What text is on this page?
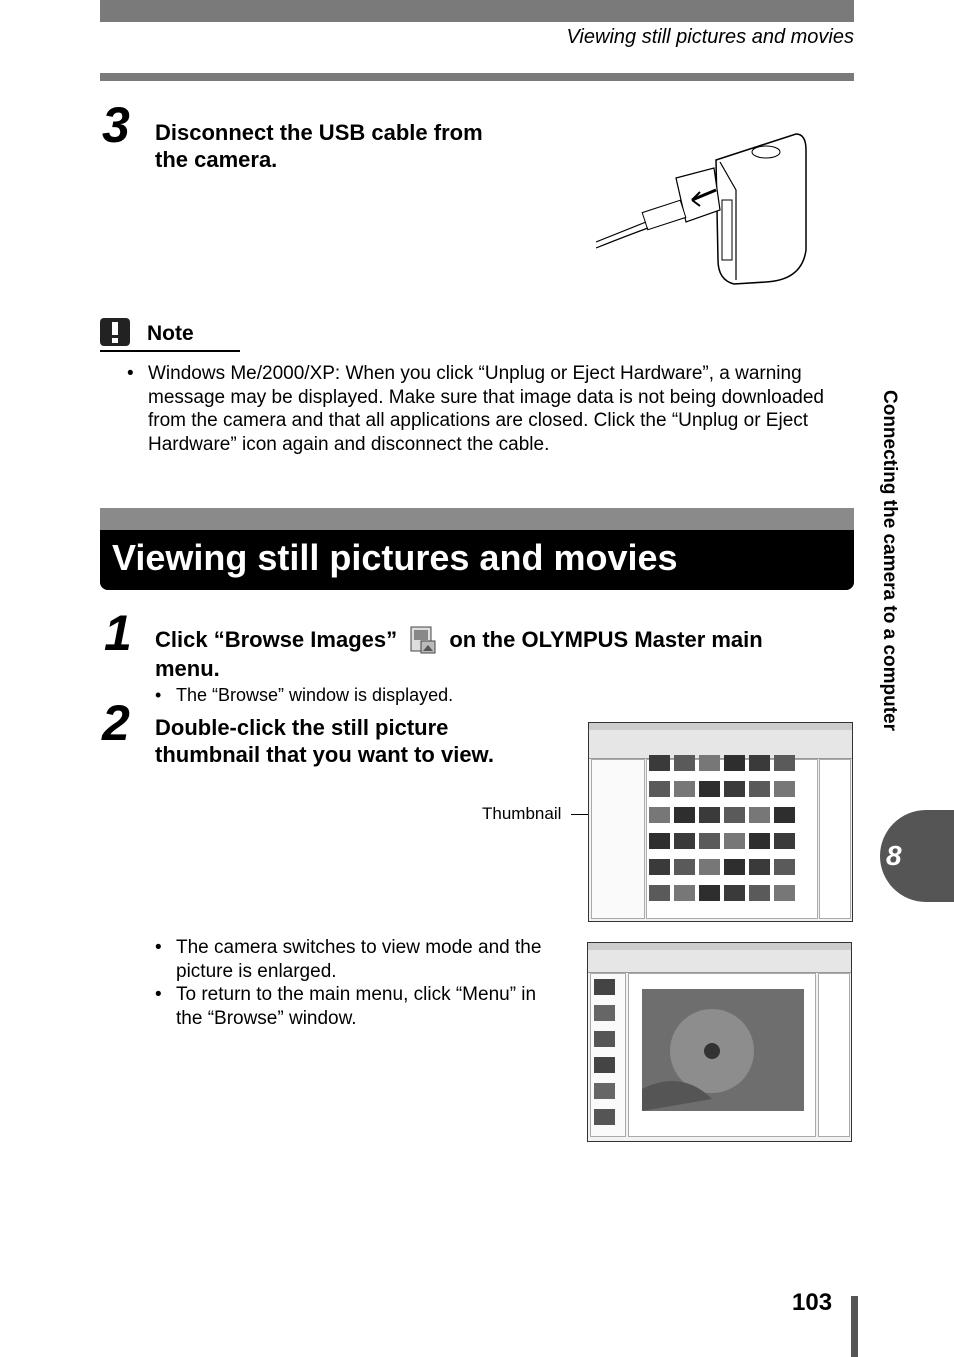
Viewing still pictures and movies
3 Disconnect the USB cable from
the camera.
Note
• Windows Me/2000/XP: When you click “Unplug or Eject Hardware”, a warning message may be displayed. Make sure that image data is not being downloaded from the camera and that all applications are closed. Click the “Unplug or Eject Hardware” icon again and disconnect the cable.
Viewing still pictures and movies
1 Click “Browse Images” on the OLYMPUS Master main
menu.
• The “Browse” window is displayed.
2 Double-click the still picture
thumbnail that you want to view.
Thumbnail
• The camera switches to view mode and the picture is enlarged.
• To return to the main menu, click “Menu” in the “Browse” window.
Connecting the camera to a computer
8
103
